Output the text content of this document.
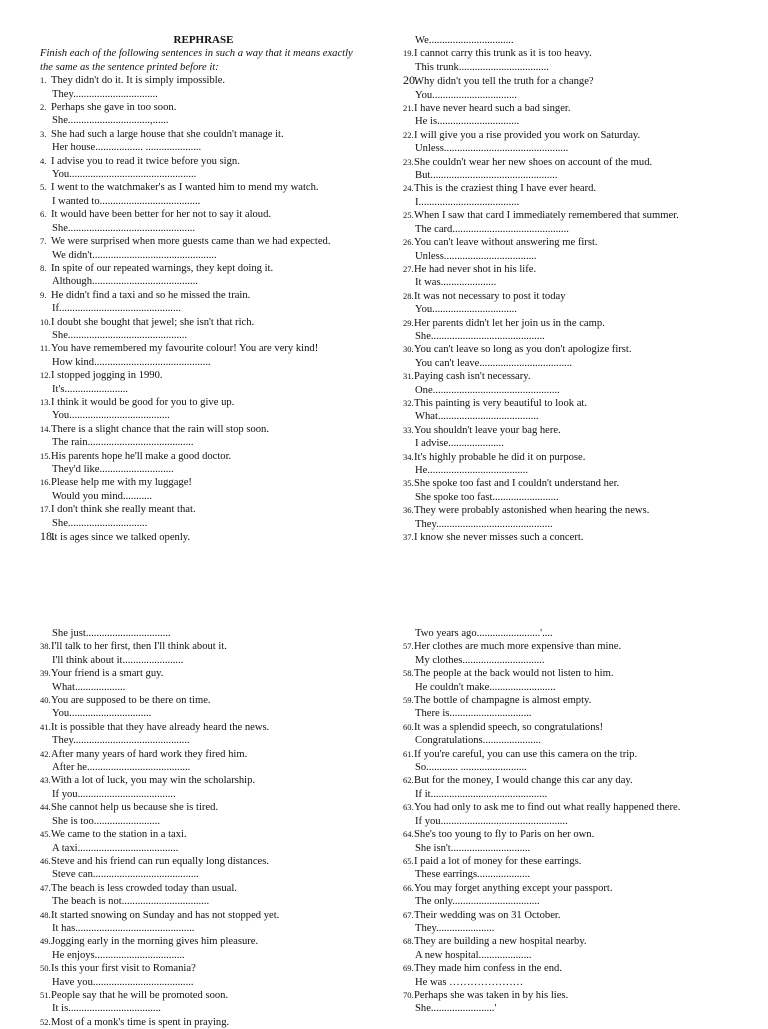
REPHRASE
Finish each of the following sentences in such a way that it means exactly the same as the sentence printed before it:
1. They didn't do it. It is simply impossible.
They................................
2. Perhaps she gave in too soon.
She...............................,......
3. She had such a large house that she couldn't manage it.
Her house.................. .....................
4. I advise you to read it twice before you sign.
You................................................
5. I went to the watchmaker's as I wanted him to mend my watch.
I wanted to......................................
6. It would have been better for her not to say it aloud.
She................................................
7. We were surprised when more guests came than we had expected.
We didn't...............................................
8. In spite of our repeated warnings, they kept doing it.
Although........................................
9. He didn't find a taxi and so he missed the train.
If..............................................
10.I doubt she bought that jewel; she isn't that rich.
She.............................................
11.You have remembered my favourite colour! You are very kind!
How kind............................................
12.I stopped jogging in 1990.
It's........................
13.I think it would be good for you to give up.
You......................................
14.There is a slight chance that the rain will stop soon.
The rain........................................
15.His parents hope he'll make a good doctor.
They'd like............................
16.Please help me with my luggage!
Would you mind...........
17.I don't think she really meant that.
She..............................
18.It is ages since we talked openly.
We................................
19.I cannot carry this trunk as it is too heavy.
This trunk..................................
20.Why didn't you tell the truth for a change?
You................................
21.I have never heard such a bad singer.
He is...............................
22.I will give you a rise provided you work on Saturday.
Unless...............................................
23.She couldn't wear her new shoes on account of the mud.
But................................................
24.This is the craziest thing I have ever heard.
I......................................
25.When I saw that card I immediately remembered that summer.
The card............................................
26.You can't leave without answering me first.
Unless...................................
27.He had never shot in his life.
It was.....................
28.It was not necessary to post it today
You................................
29.Her parents didn't let her join us in the camp.
She...........................................
30.You can't leave so long as you don't apologize first.
You can't leave...................................
31.Paying cash isn't necessary.
One................................................
32.This painting is very beautiful to look at.
What......................................
33.You shouldn't leave your bag here.
I advise.....................
34.It's highly probable he did it on purpose.
He......................................
35.She spoke too fast and I couldn't understand her.
She spoke too fast.........................
36.They were probably astonished when hearing the news.
They............................................
37.I know she never misses such a concert.
She just................................
38.I'll talk to her first, then I'll think about it.
I'll think about it.......................
39.Your friend is a smart guy.
What...................
40.You are supposed to be there on time.
You...............................
41.It is possible that they have already heard the news.
They............................................
42.After many years of hard work they fired him.
After he.......................................
43.With a lot of luck, you may win the scholarship.
If you.....................................
44.She cannot help us because she is tired.
She is too.........................
45.We came to the station in a taxi.
A taxi......................................
46.Steve and his friend can run equally long distances.
Steve can........................................
47.The beach is less crowded today than usual.
The beach is not.................................
48.It started snowing on Sunday and has not stopped yet.
It has.............................................
49.Jogging early in the morning gives him pleasure.
He enjoys..................................
50.Is this your first visit to Romania?
Have you......................................
51.People say that he will be promoted soon.
It is...................................
52.Most of a monk's time is spent in praying.
Two years ago........................'....
57.Her clothes are much more expensive than mine.
My clothes...............................
58.The people at the back would not listen to him.
He couldn't make.........................
59.The bottle of champagne is almost empty.
There is...............................
60.It was a splendid speech, so congratulations!
Congratulations......................
61.If you're careful, you can use this camera on the trip.
So............ .........................
62.But for the money, I would change this car any day.
If it............................................
63.You had only to ask me to find out what really happened there.
If you................................................
64.She's too young to fly to Paris on her own.
She isn't..............................
65.I paid a lot of money for these earrings.
These earrings....................
66.You may forget anything except your passport.
The only.................................
67.Their wedding was on 31 October.
They......................
68.They are building a new hospital nearby.
A new hospital....................
69.They made him confess in the end.
He was …………………
70.Perhaps she was taken in by his lies.
She........................'
